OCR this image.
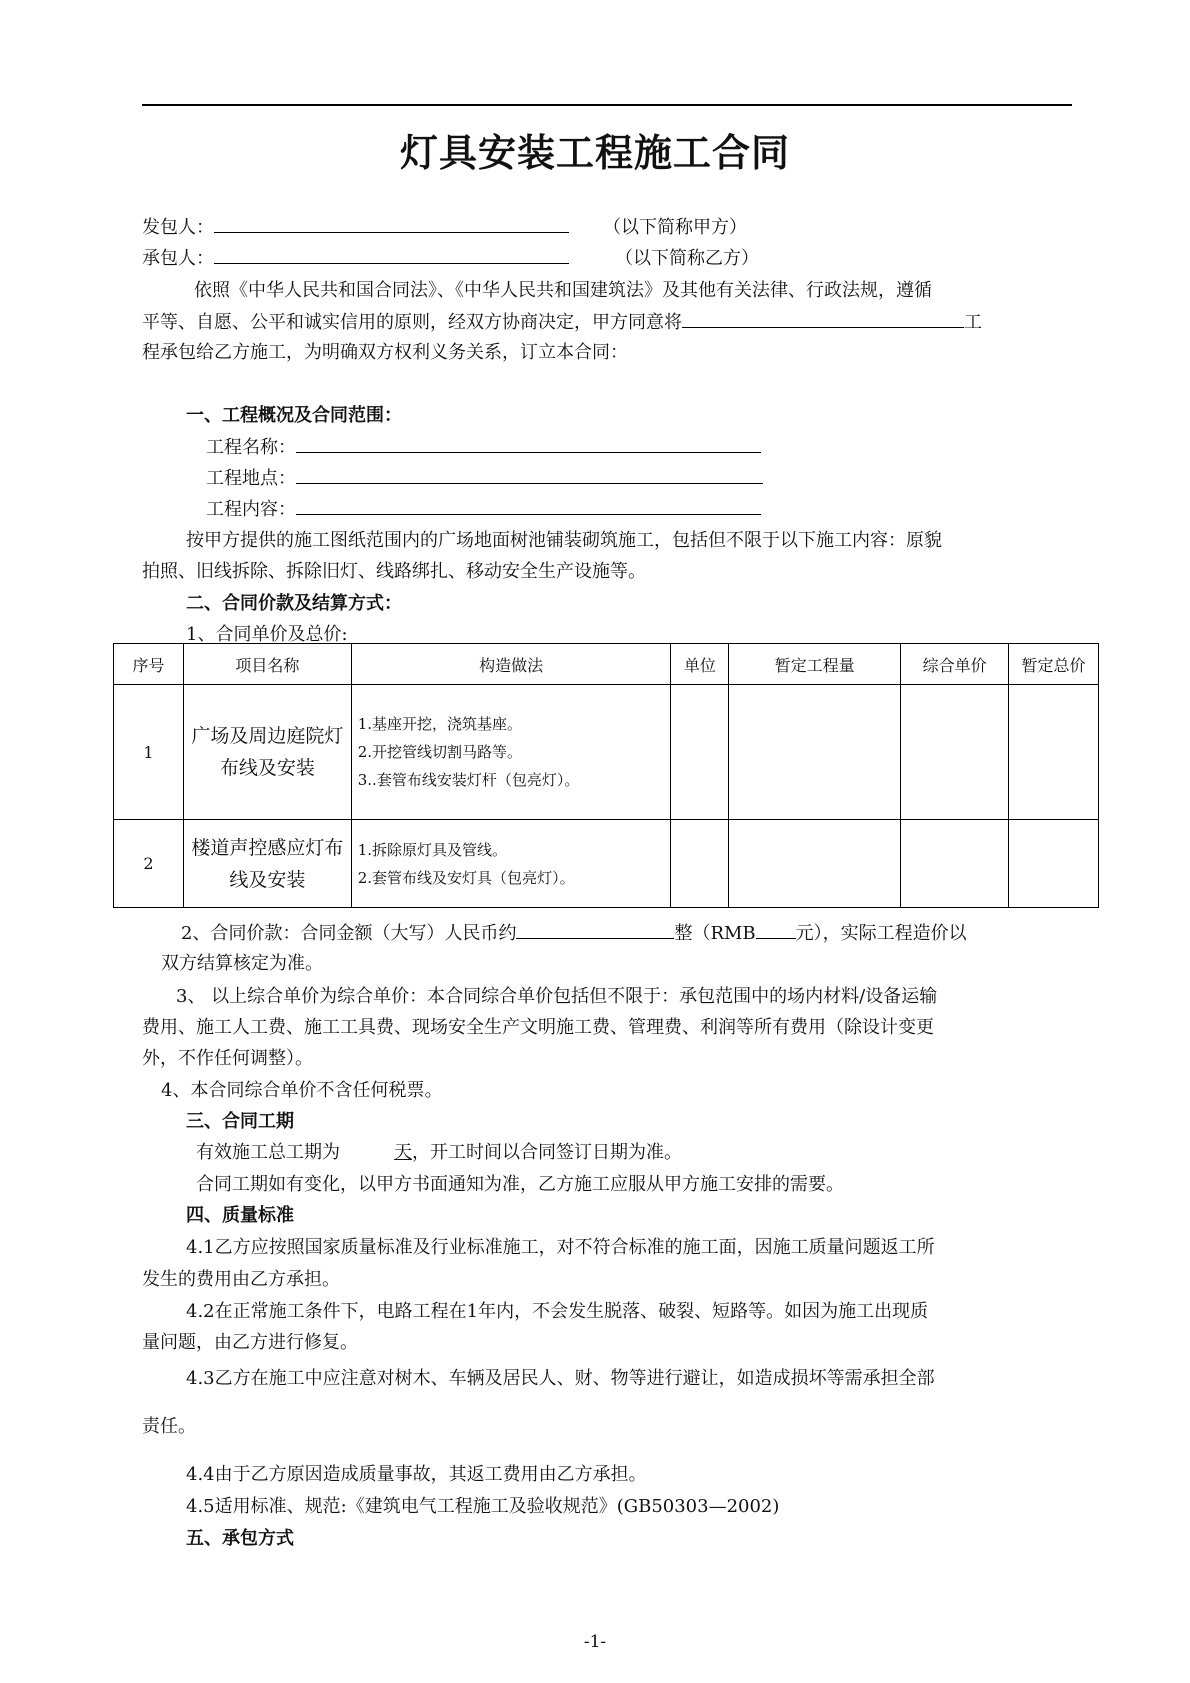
灯具安装工程施工合同
发包人：	（以下简称甲方）
承包人：	（以下简称乙方）
依照《中华人民共和国合同法》、《中华人民共和国建筑法》及其他有关法律、行政法规，遵循
平等、自愿、公平和诚实信用的原则，经双方协商决定，甲方同意将	工
程承包给乙方施工，为明确双方权利义务关系，订立本合同：
一、工程概况及合同范围：
工程名称：
工程地点：
工程内容：
按甲方提供的施工图纸范围内的广场地面树池铺装砌筑施工，包括但不限于以下施工内容：原貌
拍照、旧线拆除、拆除旧灯、线路绑扎、移动安全生产设施等。
二、合同价款及结算方式：
1、合同单价及总价:
序号	项目名称	构造做法	单位	暂定工程量	综合单价	暂定总价
1	广场及周边庭院灯布线及安装	1.基座开挖，浇筑基座。
2.开挖管线切割马路等。
3..套管布线安装灯杆（包亮灯）。				

2	楼道声控感应灯布线及安装	1.拆除原灯具及管线。
2.套管布线及安灯具（包亮灯）。				

2、合同价款：合同金额（大写）人民币约	整（RMB 元），实际工程造价以
双方结算核定为准。
3、 以上综合单价为综合单价：本合同综合单价包括但不限于：承包范围中的场内材料/设备运输
费用、施工人工费、施工工具费、现场安全生产文明施工费、管理费、利润等所有费用（除设计变更
外，不作任何调整）。
4、本合同综合单价不含任何税票。
三、合同工期
有效施工总工期为	天，开工时间以合同签订日期为准。
合同工期如有变化，以甲方书面通知为准，乙方施工应服从甲方施工安排的需要。
四、质量标准
4.1乙方应按照国家质量标准及行业标准施工，对不符合标准的施工面，因施工质量问题返工所
发生的费用由乙方承担。
4.2在正常施工条件下，电路工程在1年内，不会发生脱落、破裂、短路等。如因为施工出现质
量问题，由乙方进行修复。
4.3乙方在施工中应注意对树木、车辆及居民人、财、物等进行避让，如造成损坏等需承担全部
责任。
4.4由于乙方原因造成质量事故，其返工费用由乙方承担。
4.5适用标准、规范:《建筑电气工程施工及验收规范》(GB50303—2002)
五、承包方式
-1-
